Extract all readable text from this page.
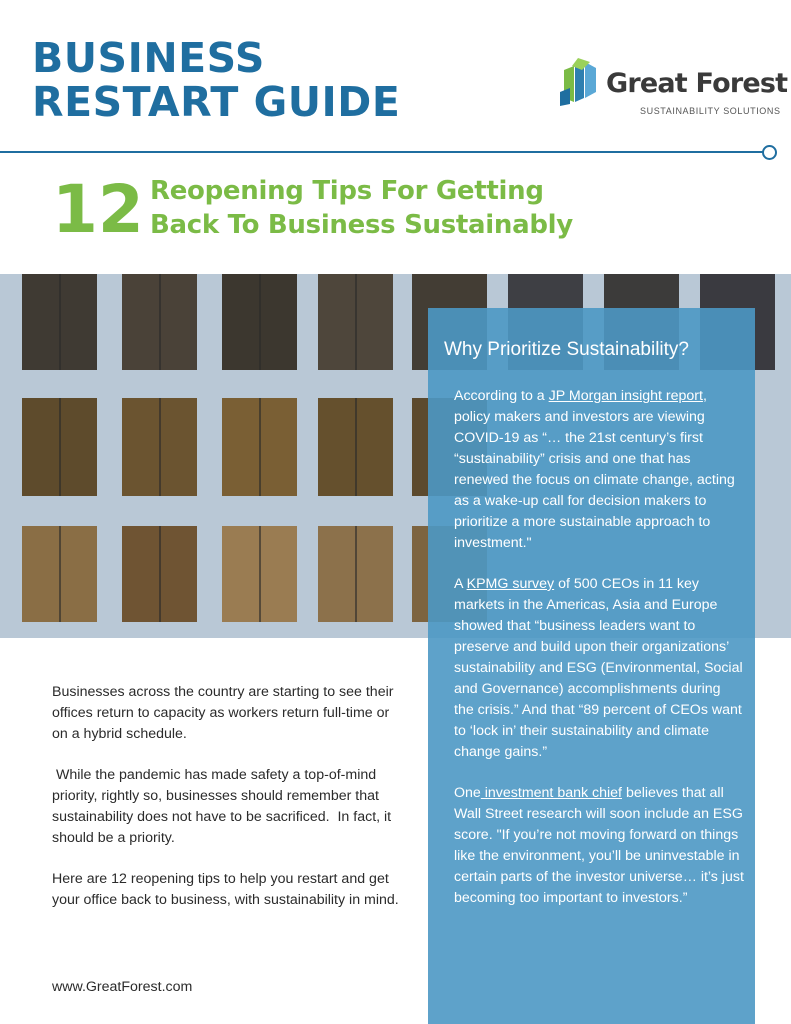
BUSINESS
RESTART GUIDE	Great Forest
SUSTAINABILITY SOLUTIONS
12 Reopening Tips For Getting
Back To Business Sustainably
Why Prioritize Sustainability?

According to a JP Morgan insight report, policy makers and investors are viewing COVID-19 as “… the 21st century’s first “sustainability” crisis and one that has renewed the focus on climate change, acting as a wake-up call for decision makers to prioritize a more sustainable approach to investment."

A KPMG survey of 500 CEOs in 11 key markets in the Americas, Asia and Europe showed that “business leaders want to preserve and build upon their organizations’ sustainability and ESG (Environmental, Social and Governance) accomplishments during the crisis.” And that “89 percent of CEOs want to ‘lock in’ their sustainability and climate change gains.”

One investment bank chief believes that all Wall Street research will soon include an ESG score. "If you’re not moving forward on things like the environment, you’ll be uninvestable in certain parts of the investor universe… it’s just becoming too important to investors.”

Businesses across the country are starting to see their offices return to capacity as workers return full-time or on a hybrid schedule.

While the pandemic has made safety a top-of-mind priority, rightly so, businesses should remember that sustainability does not have to be sacrificed.  In fact, it should be a priority.

Here are 12 reopening tips to help you restart and get your office back to business, with sustainability in mind.

www.GreatForest.com
